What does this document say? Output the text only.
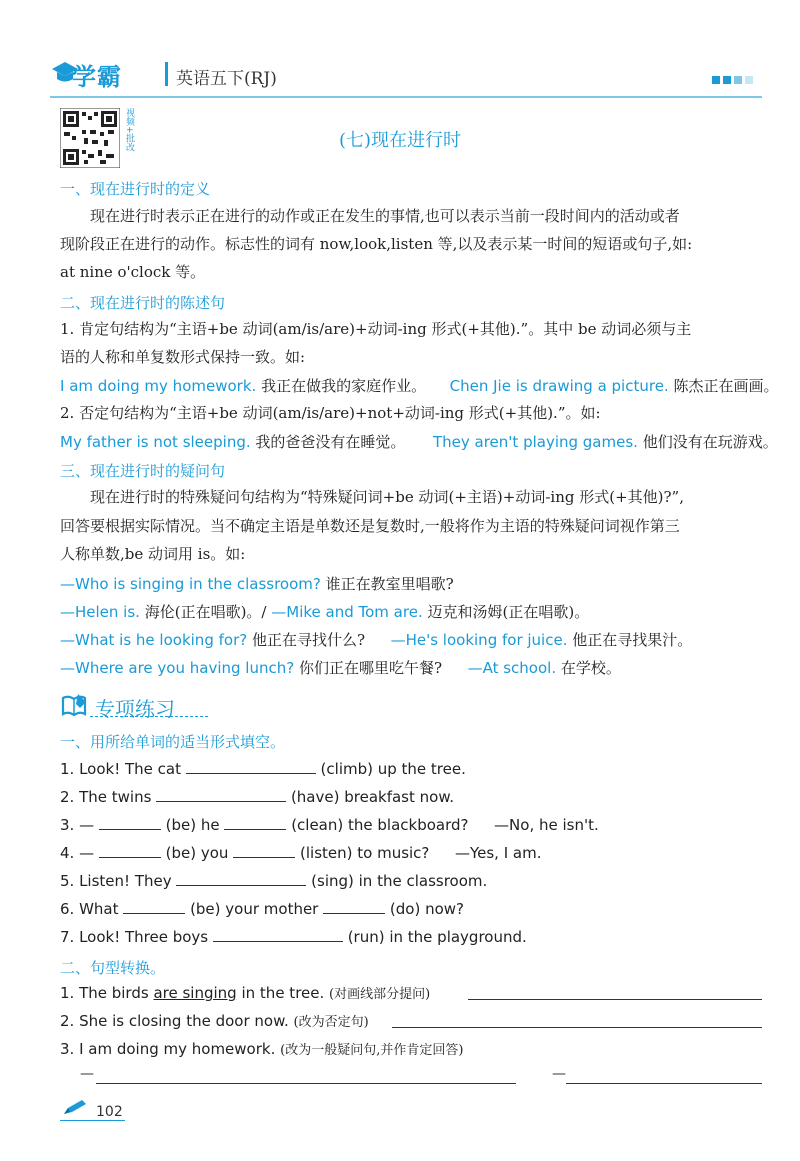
学霸	英语五下(RJ)
视频+批改	(七)现在进行时
一、现在进行时的定义
现在进行时表示正在进行的动作或正在发生的事情,也可以表示当前一段时间内的活动或者
现阶段正在进行的动作。标志性的词有 now,look,listen 等,以及表示某一时间的短语或句子,如:
at nine o'clock 等。
二、现在进行时的陈述句
1. 肯定句结构为“主语+be 动词(am/is/are)+动词-ing 形式(+其他).”。其中 be 动词必须与主
语的人称和单复数形式保持一致。如:
I am doing my homework. 我正在做我的家庭作业。 Chen Jie is drawing a picture. 陈杰正在画画。
2. 否定句结构为“主语+be 动词(am/is/are)+not+动词-ing 形式(+其他).”。如:
My father is not sleeping. 我的爸爸没有在睡觉。 They aren't playing games. 他们没有在玩游戏。
三、现在进行时的疑问句
现在进行时的特殊疑问句结构为“特殊疑问词+be 动词(+主语)+动词-ing 形式(+其他)?”,
回答要根据实际情况。当不确定主语是单数还是复数时,一般将作为主语的特殊疑问词视作第三
人称单数,be 动词用 is。如:
—Who is singing in the classroom? 谁正在教室里唱歌?
—Helen is. 海伦(正在唱歌)。/ —Mike and Tom are. 迈克和汤姆(正在唱歌)。
—What is he looking for? 他正在寻找什么? —He's looking for juice. 他正在寻找果汁。
—Where are you having lunch? 你们正在哪里吃午餐? —At school. 在学校。
专项练习
一、用所给单词的适当形式填空。
1. Look! The cat	(climb) up the tree.
2. The twins	(have) breakfast now.
3. —	(be) he	(clean) the blackboard? —No, he isn't.
4. —	(be) you	(listen) to music? —Yes, I am.
5. Listen! They	(sing) in the classroom.
6. What	(be) your mother	(do) now?
7. Look! Three boys	(run) in the playground.
二、句型转换。
1. The birds are singing in the tree. (对画线部分提问)
2. She is closing the door now. (改为否定句)
3. I am doing my homework. (改为一般疑问句,并作肯定回答)
—	—
102
